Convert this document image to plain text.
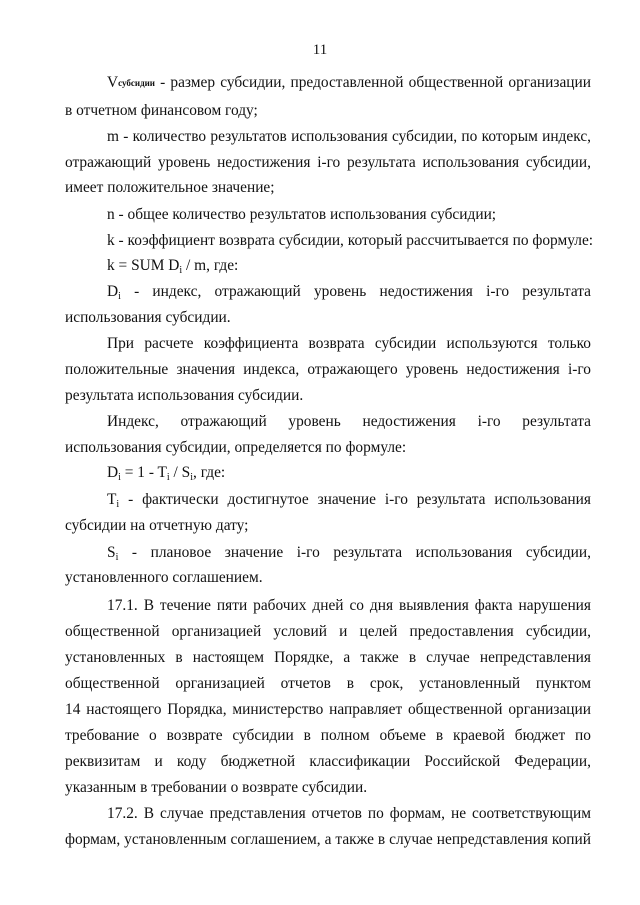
11
Vсубсидии - размер субсидии, предоставленной общественной организации
в отчетном финансовом году;
m - количество результатов использования субсидии, по которым индекс,
отражающий уровень недостижения i-го результата использования субсидии,
имеет положительное значение;
n - общее количество результатов использования субсидии;
k - коэффициент возврата субсидии, который рассчитывается по формуле:
k = SUM $D_i$ / m, где:
$D_i$ - индекс, отражающий уровень недостижения i-го результата
использования субсидии.
При расчете коэффициента возврата субсидии используются только
положительные значения индекса, отражающего уровень недостижения i-го
результата использования субсидии.
Индекс, отражающий уровень недостижения i-го результата
использования субсидии, определяется по формуле:
$D_i = 1 - T_i / S_i$, где:
$T_i$ - фактически достигнутое значение i-го результата использования
субсидии на отчетную дату;
$S_i$ - плановое значение i-го результата использования субсидии,
установленного соглашением.
17.1. В течение пяти рабочих дней со дня выявления факта нарушения
общественной организацией условий и целей предоставления субсидии,
установленных в настоящем Порядке, а также в случае непредставления
общественной организацией отчетов в срок, установленный пунктом
14 настоящего Порядка, министерство направляет общественной организации
требование о возврате субсидии в полном объеме в краевой бюджет по
реквизитам и коду бюджетной классификации Российской Федерации,
указанным в требовании о возврате субсидии.
17.2. В случае представления отчетов по формам, не соответствующим
формам, установленным соглашением, а также в случае непредставления копий
